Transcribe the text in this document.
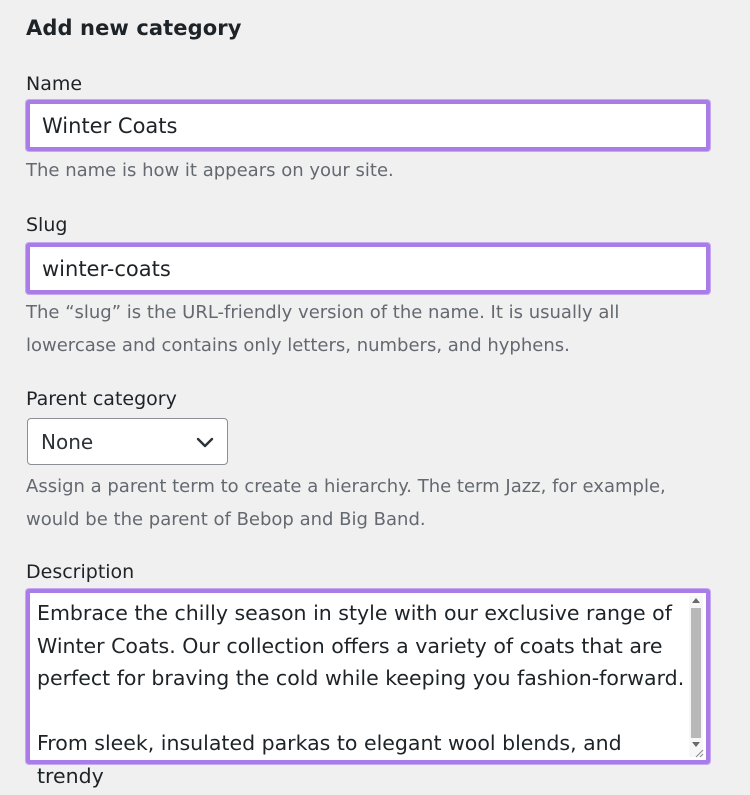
Add new category
Name
Winter Coats
The name is how it appears on your site.
Slug
winter-coats
The “slug” is the URL-friendly version of the name. It is usually all
lowercase and contains only letters, numbers, and hyphens.
Parent category
None
Assign a parent term to create a hierarchy. The term Jazz, for example,
would be the parent of Bebop and Big Band.
Description
Embrace the chilly season in style with our exclusive range of Winter Coats. Our collection offers a variety of coats that are perfect for braving the cold while keeping you fashion-forward.

From sleek, insulated parkas to elegant wool blends, and trendy
